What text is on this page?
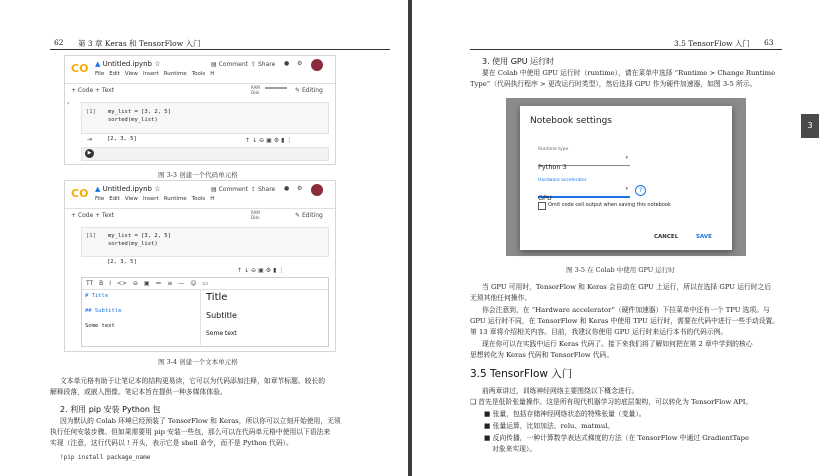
62 第 3 章 Keras 和 TensorFlow 入门
CO ▲ Untitled.ipynb ☆
File Edit View Insert Runtime Tools H
▤ Comment ⇪ Share ● ⚙
+ Code + Text	RAM
Disk	✎ Editing
›
[1] my_list = [3, 2, 5]
sorted(my_list)
⇥	[2, 3, 5]	↑↓⊖▣⚙▮⋮
▶
图 3-3 创建一个代码单元格
CO ▲ Untitled.ipynb ☆
File Edit View Insert Runtime Tools H
▤ Comment ⇪ Share ● ⚙
+ Code + Text	RAM
Disk	✎ Editing
[1] my_list = [3, 2, 5]
sorted(my_list)
[2, 3, 5]
↑↓⊖▣⚙▮⋮
TT B I <> ⊖ ▣ ≔ ≡ — ☺ ▭
# Title
## Subtitle
Some text
Title
Subtitle
Some text
图 3-4 创建一个文本单元格
文本单元格有助于让笔记本的结构更易读，它可以为代码添加注释，如章节标题、较长的
解释段落，或嵌入图像。笔记本旨在提供一种多媒体体验。
2. 利用 pip 安装 Python 包
因为默认的 Colab 环境已经预装了 TensorFlow 和 Keras，所以你可以立刻开始使用，无须
执行任何安装步骤。但如果需要用 pip 安装一些包，那么可以在代码单元格中使用以下语法来
实现（注意，这行代码以 ! 开头，表示它是 shell 命令，而不是 Python 代码）。
!pip install package_name
3.5 TensorFlow 入门 63
3
3. 使用 GPU 运行时
要在 Colab 中使用 GPU 运行时（runtime），请在菜单中选择 “Runtime > Change Runtime
Type”（代码执行程序 > 更改运行时类型），然后选择 GPU 作为硬件加速器，如图 3-5 所示。
Notebook settings
Runtime type
Python 3
▾
Hardware accelerator
GPU
▾	?
Omit code cell output when saving this notebook
CANCEL	SAVE
图 3-5 在 Colab 中使用 GPU 运行时
当 GPU 可用时，TensorFlow 和 Keras 会自动在 GPU 上运行，所以在选择 GPU 运行时之后
无须其他任何操作。
你会注意到，在 “Hardware accelerator”（硬件加速器）下拉菜单中还有一个 TPU 选项。与
GPU 运行时不同，在 TensorFlow 和 Keras 中使用 TPU 运行时，需要在代码中进行一些手动设置。
第 13 章将介绍相关内容。目前，我建议你使用 GPU 运行时来运行本书的代码示例。
现在你可以在实践中运行 Keras 代码了。接下来我们将了解如何把在第 2 章中学到的核心
思想转化为 Keras 代码和 TensorFlow 代码。
3.5 TensorFlow 入门
前两章讲过，训练神经网络主要围绕以下概念进行。
❑ 首先是低阶张量操作。这是所有现代机器学习的底层架构，可以转化为 TensorFlow API。
■ 张量，包括存储神经网络状态的特殊张量（变量）。
■ 张量运算，比如加法、relu、matmul。
■ 反向传播，一种计算数学表达式梯度的方法（在 TensorFlow 中通过 GradientTape
对象来实现）。
